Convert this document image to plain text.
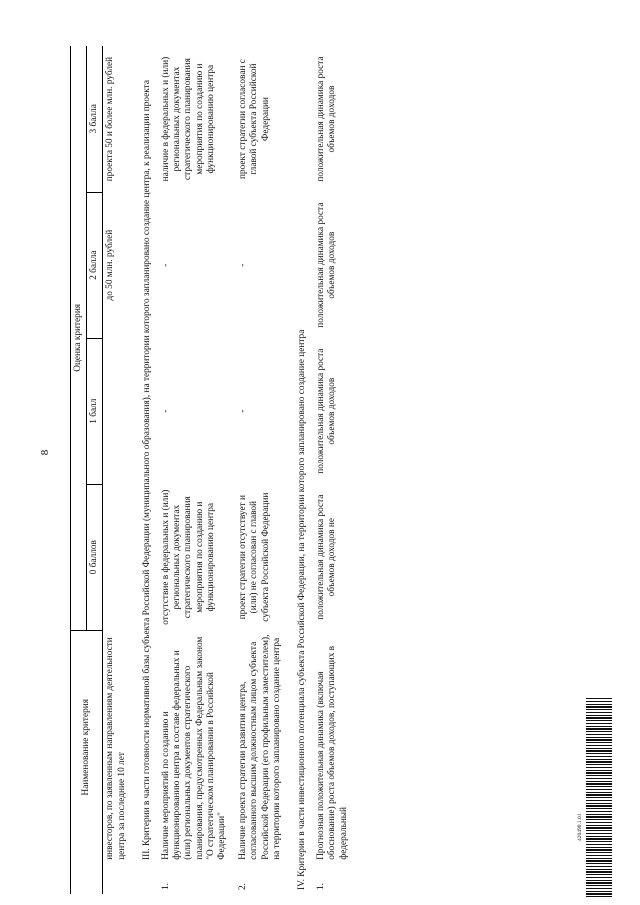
8
	Наименование критерия	Оценка критерия			
		0 баллов	1 балл	2 балла	3 балла
	инвесторов, по заявленным направлениям деятельности центра за последние 10 лет			до 50 млн. рублей	проекта 50 и более млн. рублей
III. Критерии в части готовности нормативной базы субъекта Российской Федерации (муниципального образования), на территории которого запланировано создание центра, к реализации проекта					
1.	Наличие мероприятий по созданию и функционированию центра в составе федеральных и (или) региональных документов стратегического планирования, предусмотренных Федеральным законом "О стратегическом планировании в Российской Федерации"	отсутствие в федеральных и (или) региональных документах стратегического планирования мероприятия по созданию и функционированию центра	-	-	наличие в федеральных и (или) региональных документах стратегического планирования мероприятия по созданию и функционированию центра
2.	Наличие проекта стратегии развития центра, согласованного высшим должностным лицом субъекта Российской Федерации (его профильным заместителем), на территории которого запланировано создание центра	проект стратегии отсутствует и (или) не согласован с главой субъекта Российской Федерации	-	-	проект стратегии согласован с главой субъекта Российской Федерации
IV. Критерии в части инвестиционного потенциала субъекта Российской Федерации, на территории которого запланировано создание центра					
1.	Прогнозная положительная динамика (включая обоснование) роста объемов доходов, поступающих в федеральный	положительная динамика роста объемов доходов не	положительная динамика роста объемов доходов	положительная динамика роста объемов доходов	положительная динамика роста объемов доходов
420490.1.01
